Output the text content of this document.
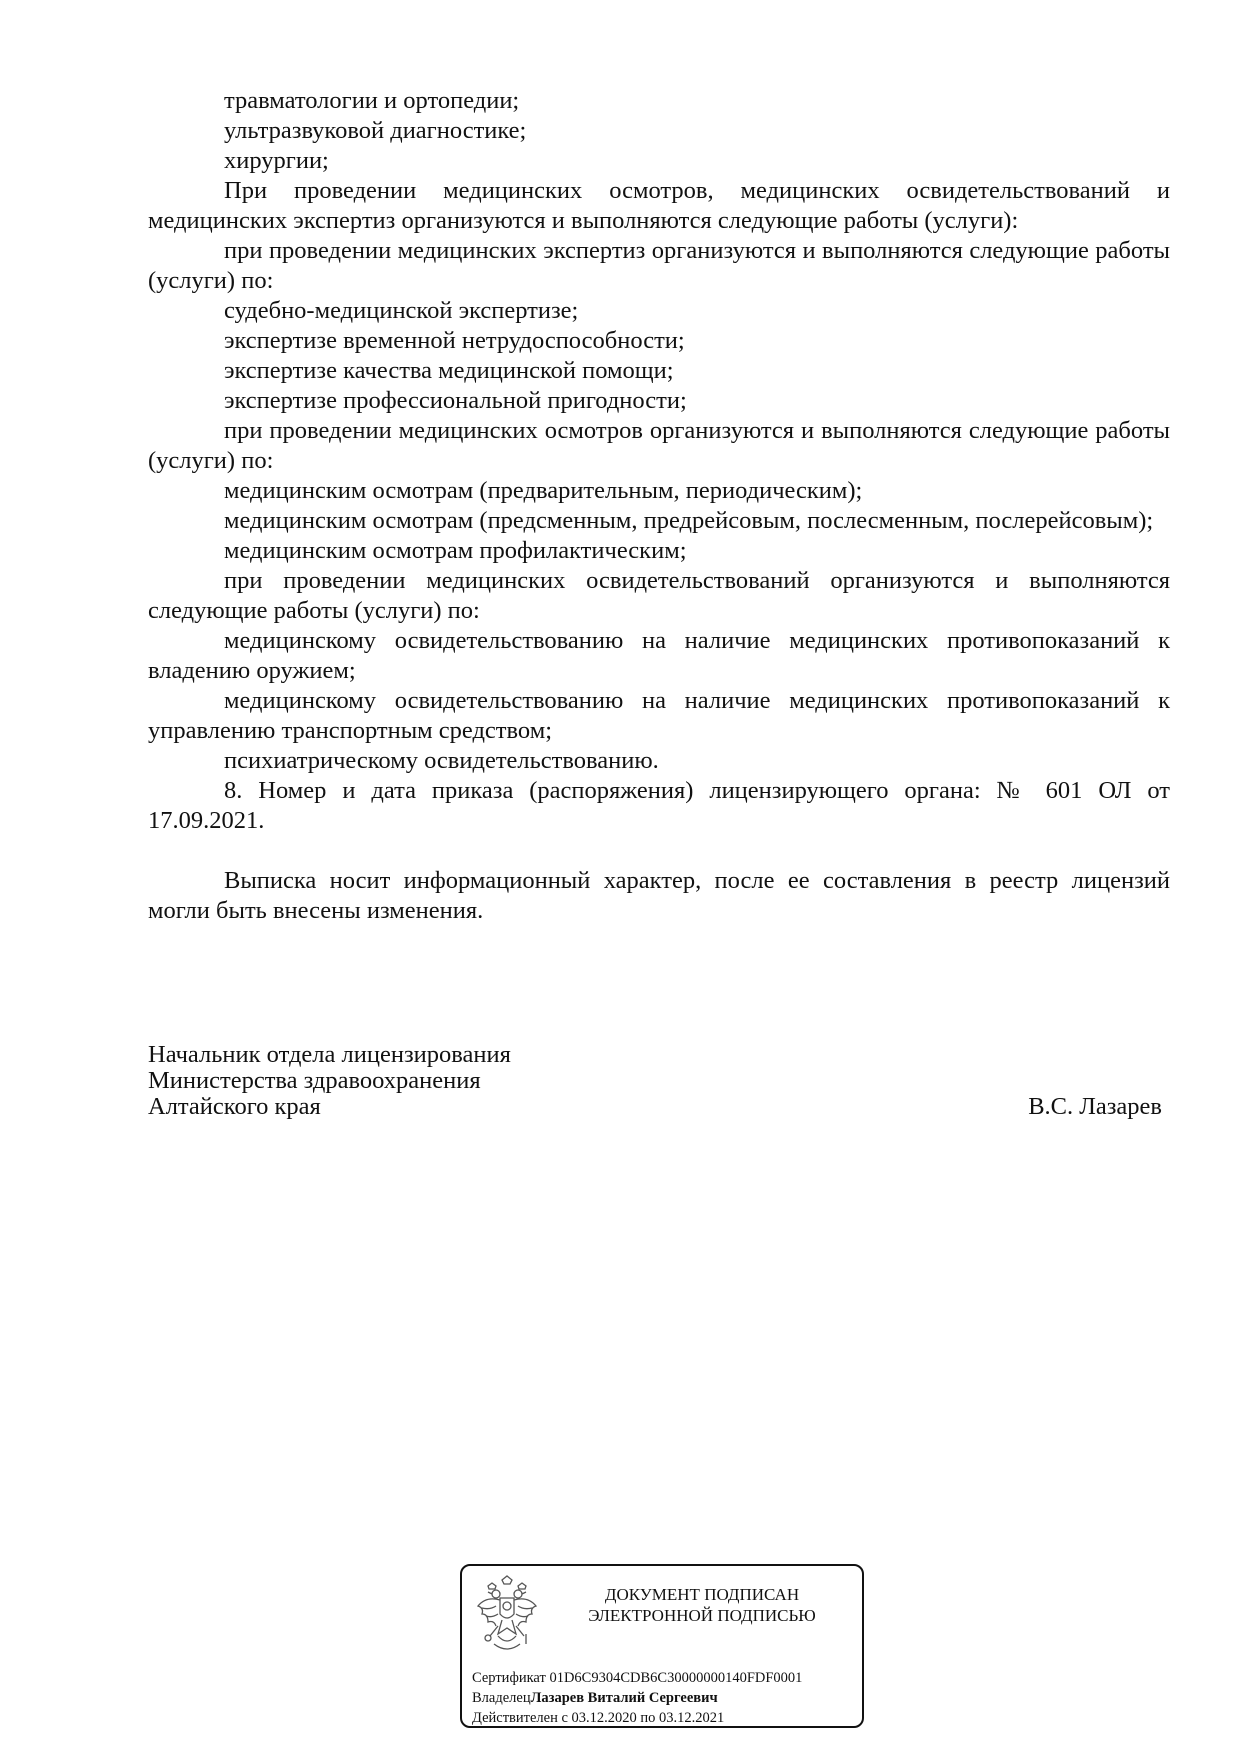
травматологии и ортопедии;

ультразвуковой диагностике;

хирургии;

При проведении медицинских осмотров, медицинских освидетельствований и медицинских экспертиз организуются и выполняются следующие работы (услуги):

при проведении медицинских экспертиз организуются и выполняются следующие работы (услуги) по:

судебно-медицинской экспертизе;

экспертизе временной нетрудоспособности;

экспертизе качества медицинской помощи;

экспертизе профессиональной пригодности;

при проведении медицинских осмотров организуются и выполняются следующие работы (услуги) по:

медицинским осмотрам (предварительным, периодическим);

медицинским осмотрам (предсменным, предрейсовым, послесменным, послерейсовым);

медицинским осмотрам профилактическим;

при проведении медицинских освидетельствований организуются и выполняются следующие работы (услуги) по:

медицинскому освидетельствованию на наличие медицинских противопоказаний к владению оружием;

медицинскому освидетельствованию на наличие медицинских противопоказаний к управлению транспортным средством;

психиатрическому освидетельствованию.

8. Номер и дата приказа (распоряжения) лицензирующего органа: № 601 ОЛ от 17.09.2021.

Выписка носит информационный характер, после ее составления в реестр лицензий могли быть внесены изменения.

Начальник отдела лицензирования
Министерства здравоохранения
Алтайского края	В.С. Лазарев
ДОКУМЕНТ ПОДПИСАН
ЭЛЕКТРОННОЙ ПОДПИСЬЮ
Сертификат 01D6C9304CDB6C30000000140FDF0001
ВладелецЛазарев Виталий Сергеевич
Действителен с 03.12.2020 по 03.12.2021
